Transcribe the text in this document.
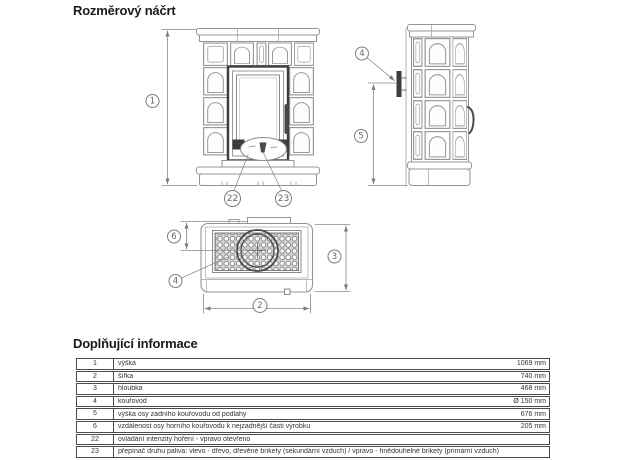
Rozměrový náčrt
22	23
1
4
5
3
2
6
4
Doplňující informace
1	výška	1069 mm
2	šířka	740 mm
3	hloubka	468 mm
4	kouřovod	Ø 150 mm
5	výška osy zadního kouřovodu od podlahy	676 mm
6	vzdálenost osy horního kouřovodu k nejzadnější části výrobku	205 mm
22	ovládání intenzity hoření - vpravo otevřeno
23	přepínač druhu paliva: vlevo - dřevo, dřevěné brikety (sekundární vzduch) / vpravo - hnědouhelné brikety (primární vzduch)
